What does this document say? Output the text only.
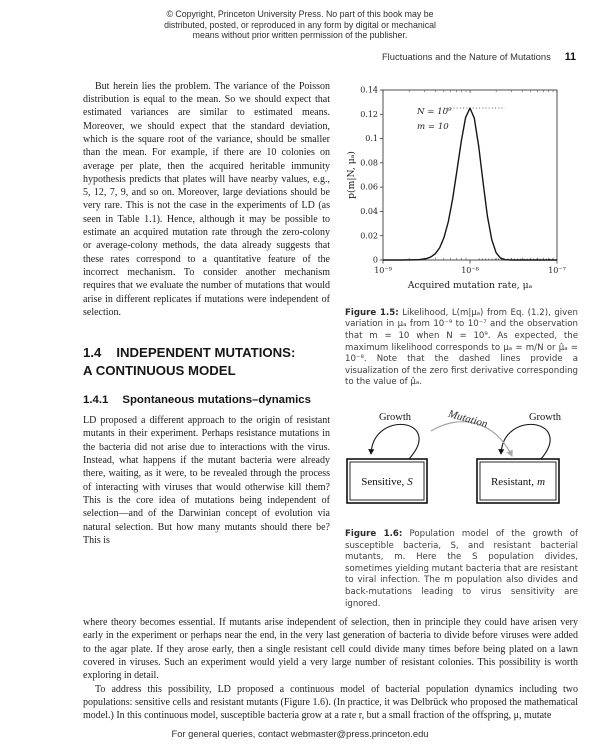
© Copyright, Princeton University Press. No part of this book may be
distributed, posted, or reproduced in any form by digital or mechanical
means without prior written permission of the publisher.
Fluctuations and the Nature of Mutations 11

But herein lies the problem. The variance of the Poisson distribution is equal to the mean. So we should expect that estimated variances are similar to estimated means. Moreover, we should expect that the standard deviation, which is the square root of the variance, should be smaller than the mean. For example, if there are 10 colonies on average per plate, then the acquired heritable immunity hypothesis predicts that plates will have nearby values, e.g., 5, 12, 7, 9, and so on. Moreover, large deviations should be very rare. This is not the case in the experiments of LD (as seen in Table 1.1). Hence, although it may be possible to estimate an acquired mutation rate through the zero-colony or average-colony methods, the data already suggests that these rates correspond to a quantitative feature of the incorrect mechanism. To consider another mechanism requires that we evaluate the number of mutations that would arise in different replicates if mutations were independent of selection.

1.4 INDEPENDENT MUTATIONS:
A CONTINUOUS MODEL
1.4.1 Spontaneous mutations–dynamics

LD proposed a different approach to the origin of resistant mutants in their experiment. Perhaps resistance mutations in the bacteria did not arise due to interactions with the virus. Instead, what happens if the mutant bacteria were already there, waiting, as it were, to be revealed through the process of interacting with viruses that would otherwise kill them? This is the core idea of mutations being independent of selection—and of the Darwinian concept of evolution via natural selection. But how many mutants should there be? This is

0
0.02
0.04
0.06
0.08
0.1
0.12
0.14
10⁻⁹	10⁻⁸	10⁻⁷
N = 10⁹
m = 10
Acquired mutation rate, μₐ
p(m|N, μₐ)

Figure 1.5: Likelihood, L(m|μₐ) from Eq. (1.2), given variation in μₐ from 10⁻⁹ to 10⁻⁷ and the observation that m = 10 when N = 10⁹. As expected, the maximum likelihood corresponds to μₐ = m/N or μ̂ₐ = 10⁻⁸. Note that the dashed lines provide a visualization of the zero first derivative corresponding to the value of μ̂ₐ.

Growth	Growth
Mutation
Sensitive, S	Resistant, m

Figure 1.6: Population model of the growth of susceptible bacteria, S, and resistant bacterial mutants, m. Here the S population divides, sometimes yielding mutant bacteria that are resistant to viral infection. The m population also divides and back-mutations leading to virus sensitivity are ignored.

where theory becomes essential. If mutants arise independent of selection, then in principle they could have arisen very early in the experiment or perhaps near the end, in the very last generation of bacteria to divide before viruses were added to the agar plate. If they arose early, then a single resistant cell could divide many times before being plated on a lawn covered in viruses. Such an experiment would yield a very large number of resistant colonies. This possibility is worth exploring in detail.

To address this possibility, LD proposed a continuous model of bacterial population dynamics including two populations: sensitive cells and resistant mutants (Figure 1.6). (In practice, it was Delbrück who proposed the mathematical model.) In this continuous model, susceptible bacteria grow at a rate r, but a small fraction of the offspring, μ, mutate

For general queries, contact webmaster@press.princeton.edu
